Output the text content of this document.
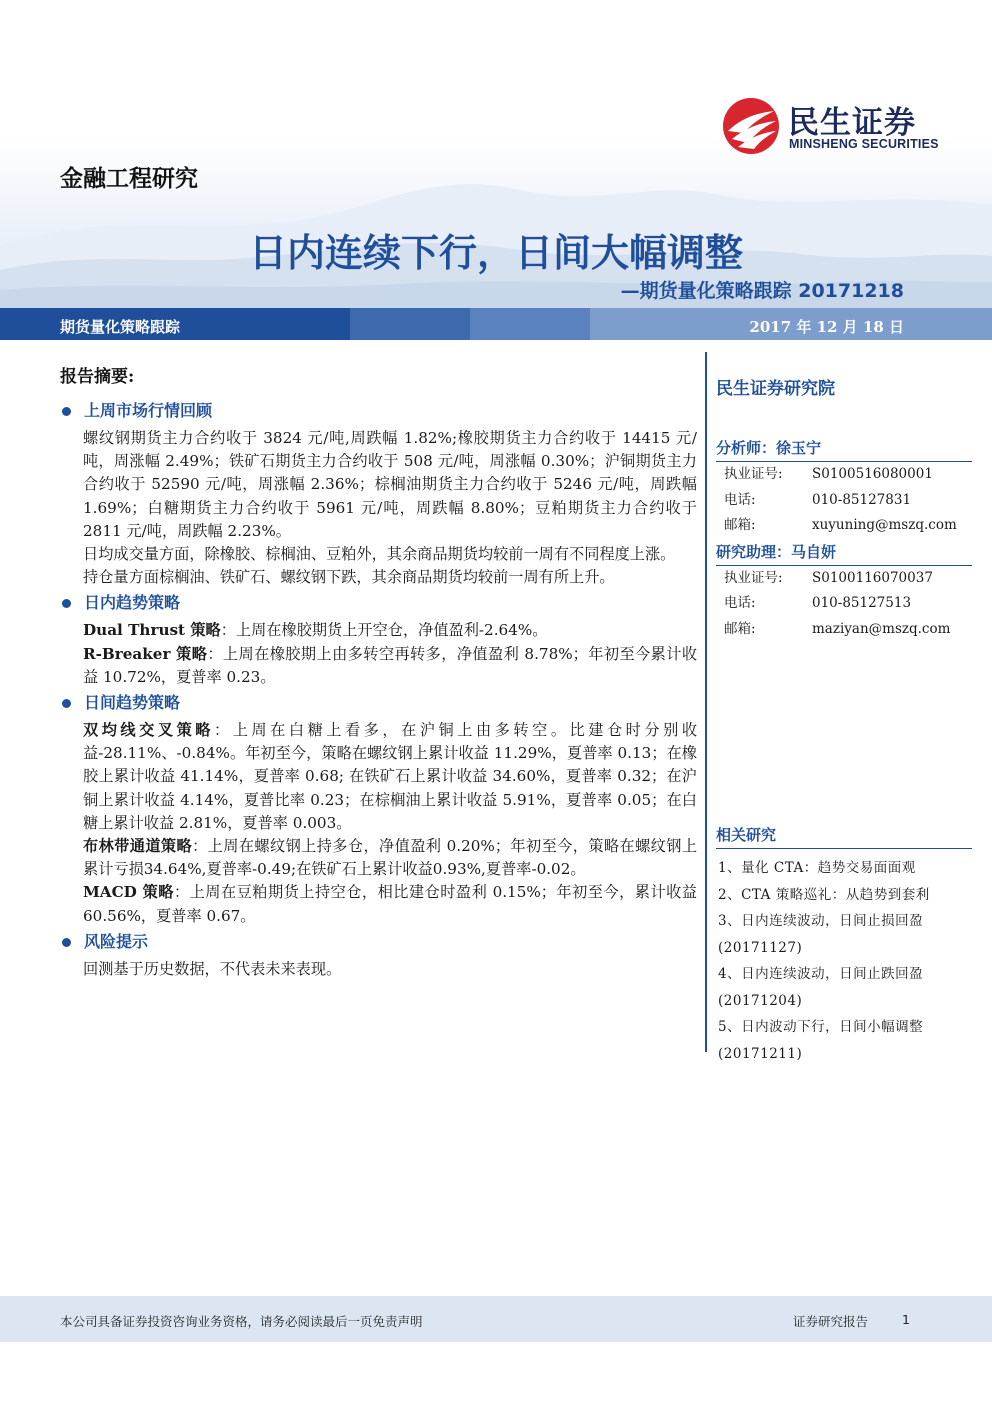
民生证券
MINSHENG SECURITIES
金融工程研究
日内连续下行，日间大幅调整
—期货量化策略跟踪 20171218
期货量化策略跟踪	2017 年 12 月 18 日
报告摘要:
上周市场行情回顾
螺纹钢期货主力合约收于 3824 元/吨,周跌幅 1.82%;橡胶期货主力合约收于 14415 元/吨，周涨幅 2.49%；铁矿石期货主力合约收于 508 元/吨，周涨幅 0.30%；沪铜期货主力合约收于 52590 元/吨，周涨幅 2.36%；棕榈油期货主力合约收于 5246 元/吨，周跌幅 1.69%；白糖期货主力合约收于 5961 元/吨，周跌幅 8.80%；豆粕期货主力合约收于 2811 元/吨，周跌幅 2.23%。
日均成交量方面，除橡胶、棕榈油、豆粕外，其余商品期货均较前一周有不同程度上涨。
持仓量方面棕榈油、铁矿石、螺纹钢下跌，其余商品期货均较前一周有所上升。
日内趋势策略
Dual Thrust 策略：上周在橡胶期货上开空仓，净值盈利-2.64%。
R-Breaker 策略：上周在橡胶期上由多转空再转多，净值盈利 8.78%；年初至今累计收益 10.72%，夏普率 0.23。
日间趋势策略
双均线交叉策略：上周在白糖上看多，在沪铜上由多转空。比建仓时分别收益-28.11%、-0.84%。年初至今，策略在螺纹钢上累计收益 11.29%，夏普率 0.13；在橡胶上累计收益 41.14%，夏普率 0.68; 在铁矿石上累计收益 34.60%，夏普率 0.32；在沪铜上累计收益 4.14%，夏普比率 0.23；在棕榈油上累计收益 5.91%，夏普率 0.05；在白糖上累计收益 2.81%，夏普率 0.003。
布林带通道策略：上周在螺纹钢上持多仓，净值盈利 0.20%；年初至今，策略在螺纹钢上累计亏损34.64%,夏普率-0.49;在铁矿石上累计收益0.93%,夏普率-0.02。
MACD 策略：上周在豆粕期货上持空仓，相比建仓时盈利 0.15%；年初至今，累计收益 60.56%，夏普率 0.67。
风险提示
回测基于历史数据，不代表未来表现。
民生证券研究院
分析师：徐玉宁
执业证号: S0100516080001
电话:	010-85127831
邮箱:	xuyuning@mszq.com
研究助理：马自妍
执业证号: S0100116070037
电话:	010-85127513
邮箱:	maziyan@mszq.com
相关研究
1、量化 CTA：趋势交易面面观
2、CTA 策略巡礼：从趋势到套利
3、日内连续波动，日间止损回盈 (20171127)
4、日内连续波动，日间止跌回盈 (20171204)
5、日内波动下行，日间小幅调整 (20171211)
本公司具备证券投资咨询业务资格，请务必阅读最后一页免责声明	证券研究报告	1
